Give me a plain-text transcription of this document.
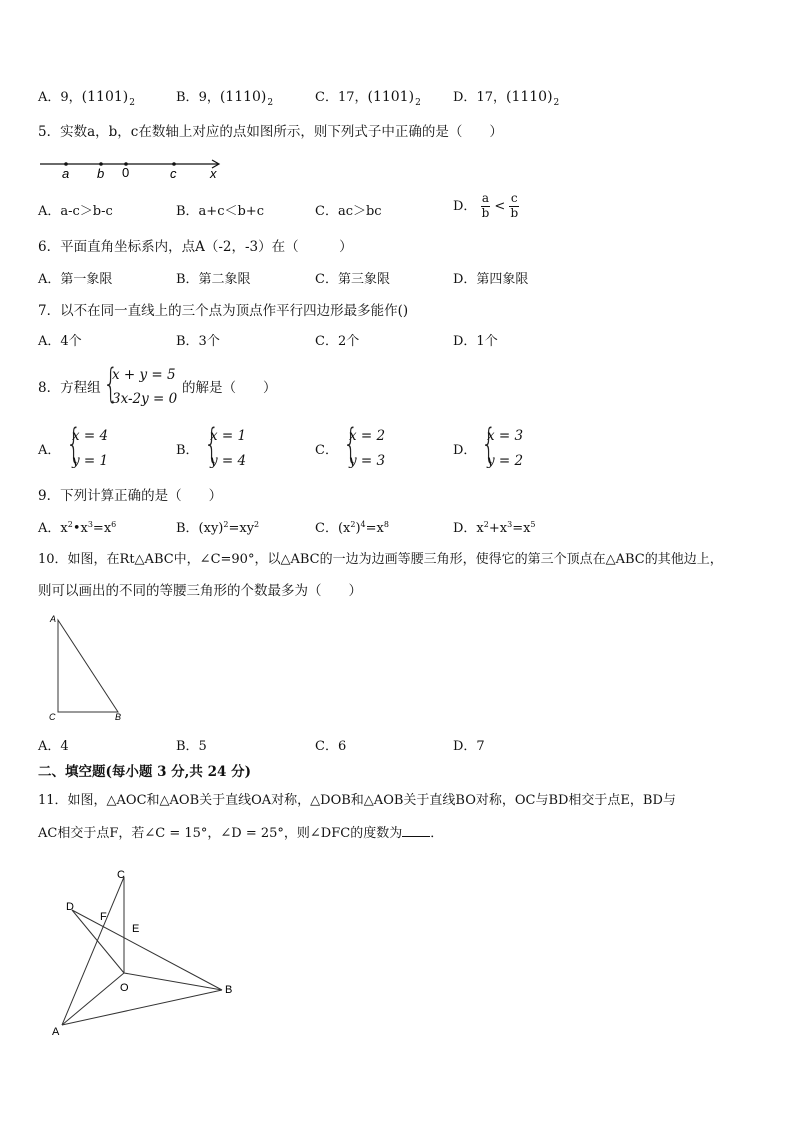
A．9，$(1101)_2$	B．9，$(1110)_2$	C．17，$(1101)_2$ D．17，$(1110)_2$
5．实数a，b，c在数轴上对应的点如图所示，则下列式子中正确的是（　　）
a b 0	c	x
A．a-c＞b-c	B．a+c＜b+c	C．ac＞bc	D． $\frac{a}{b} < \frac{c}{b}$
6．平面直角坐标系内，点A（-2，-3）在（　　　）
A．第一象限	B．第二象限	C．第三象限	D．第四象限
7．以不在同一直线上的三个点为顶点作平行四边形最多能作()
A．4个	B．3个	C．2个	D．1个
8．方程组 {
x + y = 5
3x-2y = 0
的解是（　　）
A． {
x = 4
y = 1
B． {
x = 1
y = 4
C． {
x = 2
y = 3
D． {
x = 3
y = 2
9．下列计算正确的是（　　）
A．$x^2•x^3=x^6$	B．$(xy)^2=xy^2$	C．$(x^2)^4=x^8$	D．$x^2+x^3=x^5$
10．如图，在Rt△ABC中，∠C=90°，以△ABC的一边为边画等腰三角形，使得它的第三个顶点在△ABC的其他边上，
则可以画出的不同的等腰三角形的个数最多为（　　）
A
C	B
A．4	B．5	C．6	D．7
二、填空题(每小题 3 分,共 24 分)
11．如图，△AOC和△AOB关于直线OA对称，△DOB和△AOB关于直线BO对称，OC与BD相交于点E，BD与
AC相交于点F，若∠C = 15°，∠D = 25°，则∠DFC的度数为 ．
C
D
F
E
O	B
A
